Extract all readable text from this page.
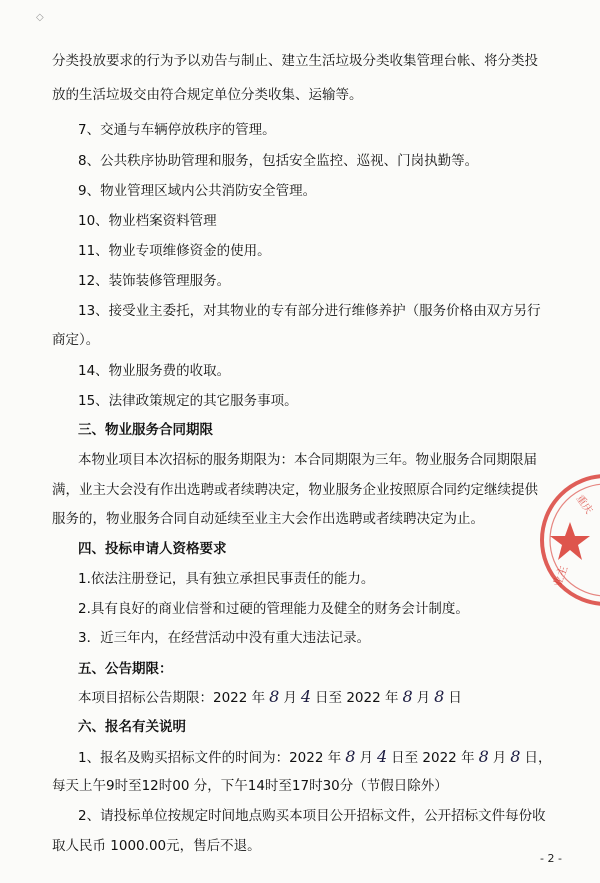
◇
分类投放要求的行为予以劝告与制止、建立生活垃圾分类收集管理台帐、将分类投
放的生活垃圾交由符合规定单位分类收集、运输等。
7、交通与车辆停放秩序的管理。
8、公共秩序协助管理和服务，包括安全监控、巡视、门岗执勤等。
9、物业管理区域内公共消防安全管理。
10、物业档案资料管理
11、物业专项维修资金的使用。
12、装饰装修管理服务。
13、接受业主委托，对其物业的专有部分进行维修养护（服务价格由双方另行
商定）。
14、物业服务费的收取。
15、法律政策规定的其它服务事项。
三、物业服务合同期限
本物业项目本次招标的服务期限为：本合同期限为三年。物业服务合同期限届
满，业主大会没有作出选聘或者续聘决定，物业服务企业按照原合同约定继续提供
服务的，物业服务合同自动延续至业主大会作出选聘或者续聘决定为止。
四、投标申请人资格要求
1.依法注册登记，具有独立承担民事责任的能力。
2.具有良好的商业信誉和过硬的管理能力及健全的财务会计制度。
3．近三年内，在经营活动中没有重大违法记录。
五、公告期限：
本项目招标公告期限：2022 年 8 月 4 日至 2022 年 8 月 8 日
六、报名有关说明
1、报名及购买招标文件的时间为：2022 年 8 月 4 日至 2022 年 8 月 8 日，
每天上午9时至12时00 分，下午14时至17时30分（节假日除外）
2、请投标单位按规定时间地点购买本项目公开招标文件，公开招标文件每份收
取人民币 1000.00元，售后不退。
- 2 -
重庆
业主
